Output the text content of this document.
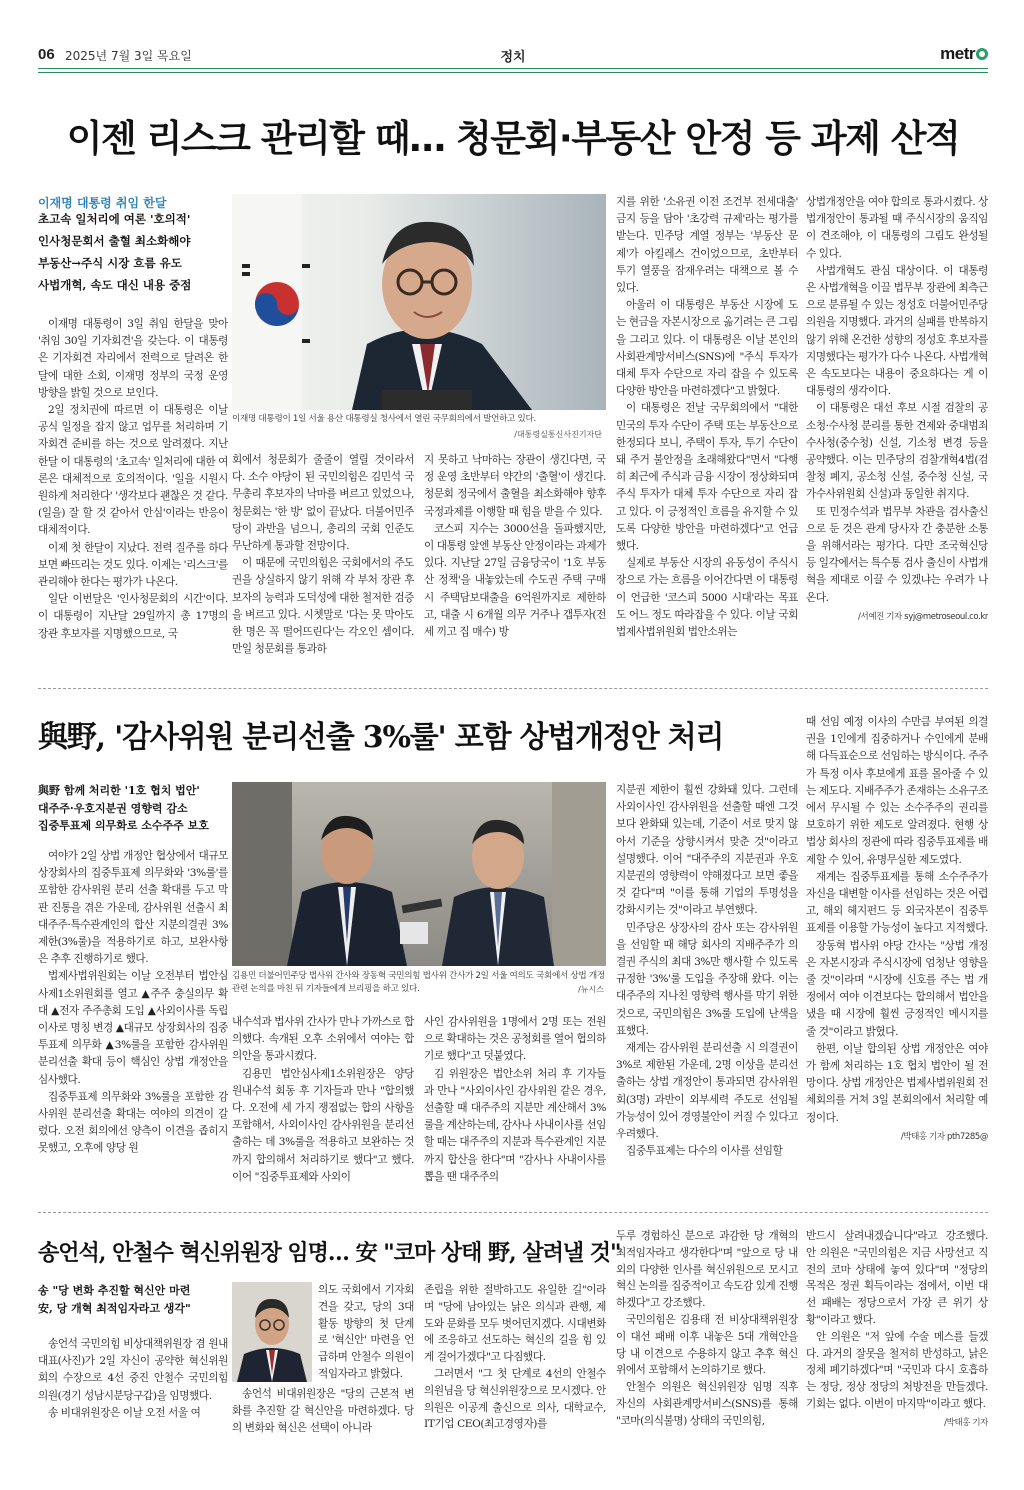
06 2025년 7월 3일 목요일	정치	metr
이젠 리스크 관리할 때… 청문회·부동산 안정 등 과제 산적
이재명 대통령 취임 한달
초고속 일처리에 여론 '호의적'
인사청문회서 출혈 최소화해야
부동산→주식 시장 흐름 유도
사법개혁, 속도 대신 내용 중점

이재명 대통령이 3일 취임 한달을 맞아 '취임 30일 기자회견'을 갖는다. 이 대통령은 기자회견 자리에서 전력으로 달려온 한 달에 대한 소회, 이재명 정부의 국정 운영 방향을 밝힐 것으로 보인다.

2일 정치권에 따르면 이 대통령은 이날 공식 일정을 잡지 않고 업무를 처리하며 기자회견 준비를 하는 것으로 알려졌다. 지난 한달 이 대통령의 '초고속' 일처리에 대한 여론은 대체적으로 호의적이다. '일을 시원시원하게 처리한다' '생각보다 괜찮은 것 같다. (일을) 잘 할 것 같아서 안심'이라는 반응이 대체적이다.

이제 첫 한달이 지났다. 전력 질주를 하다보면 빠뜨리는 것도 있다. 이제는 '리스크'를 관리해야 한다는 평가가 나온다.

일단 이번달은 '인사청문회의 시간'이다. 이 대통령이 지난달 29일까지 총 17명의 장관 후보자를 지명했으므로, 국

이재명 대통령이 1일 서울 용산 대통령실 청사에서 열린 국무회의에서 발언하고 있다.
/대통령실통신사진기자단

회에서 청문회가 줄줄이 열릴 것이라서 다. 소수 야당이 된 국민의힘은 김민석 국무총리 후보자의 낙마를 벼르고 있었으나, 청문회는 '한 방' 없이 끝났다. 더불어민주당이 과반을 넘으니, 총리의 국회 인준도 무난하게 통과할 전망이다.

이 때문에 국민의힘은 국회에서의 주도권을 상실하지 않기 위해 각 부처 장관 후보자의 능력과 도덕성에 대한 철저한 검증을 벼르고 있다. 시쳇말로 '다는 못 막아도 한 명은 꼭 떨어뜨린다'는 각오인 셈이다. 만일 청문회를 통과하

지 못하고 낙마하는 장관이 생긴다면, 국정 운영 초반부터 약간의 '출혈'이 생긴다. 청문회 정국에서 출혈을 최소화해야 향후 국정과제를 이행할 때 힘을 받을 수 있다.

코스피 지수는 3000선을 돌파했지만, 이 대통령 앞엔 부동산 안정이라는 과제가 있다. 지난달 27일 금융당국이 '1호 부동산 정책'을 내놓았는데 수도권 주택 구매 시 주택담보대출을 6억원까지로 제한하고, 대출 시 6개월 의무 거주나 갭투자(전세 끼고 집 매수) 방

지를 위한 '소유권 이전 조건부 전세대출' 금지 등을 담아 '초강력 규제'라는 평가를 받는다. 민주당 계열 정부는 '부동산 문제'가 아킬레스 건이었으므로, 초반부터 투기 열풍을 잠재우려는 대책으로 볼 수 있다.

아울러 이 대통령은 부동산 시장에 도는 현금을 자본시장으로 옮기려는 큰 그림을 그리고 있다. 이 대통령은 이날 본인의 사회관계망서비스(SNS)에 "주식 투자가 대체 투자 수단으로 자리 잡을 수 있도록 다양한 방안을 마련하겠다"고 밝혔다.

이 대통령은 전날 국무회의에서 "대한민국의 투자 수단이 주택 또는 부동산으로 한정되다 보니, 주택이 투자, 투기 수단이 돼 주거 불안정을 초래해왔다"면서 "다행히 최근에 주식과 금융 시장이 정상화되며 주식 투자가 대체 투자 수단으로 자리 잡고 있다. 이 긍정적인 흐름을 유지할 수 있도록 다양한 방안을 마련하겠다"고 언급했다.

실제로 부동산 시장의 유동성이 주식시장으로 가는 흐름을 이어간다면 이 대통령이 언급한 '코스피 5000 시대'라는 목표도 어느 정도 따라잡을 수 있다. 이날 국회 법제사법위원회 법안소위는

상법개정안을 여야 합의로 통과시켰다. 상법개정안이 통과될 때 주식시장의 움직임이 견조해야, 이 대통령의 그림도 완성될 수 있다.

사법개혁도 관심 대상이다. 이 대통령은 사법개혁을 이끌 법무부 장관에 최측근으로 분류될 수 있는 정성호 더불어민주당 의원을 지명했다. 과거의 실패를 반복하지 않기 위해 온건한 성향의 정성호 후보자를 지명했다는 평가가 다수 나온다. 사법개혁은 속도보다는 내용이 중요하다는 게 이 대통령의 생각이다.

이 대통령은 대선 후보 시절 검찰의 공소청·수사청 분리를 통한 견제와 중대범죄수사청(중수청) 신설, 기소청 변경 등을 공약했다. 이는 민주당의 검찰개혁4법(검찰청 폐지, 공소청 신설, 중수청 신설, 국가수사위원회 신설)과 동일한 취지다.

또 민정수석과 법무부 차관을 검사출신으로 둔 것은 관계 당사자 간 충분한 소통을 위해서라는 평가다. 다만 조국혁신당 등 일각에서는 특수통 검사 출신이 사법개혁을 제대로 이끌 수 있겠냐는 우려가 나온다.

/서예진 기자 syj@metroseoul.co.kr
與野, '감사위원 분리선출 3%룰' 포함 상법개정안 처리
與野 함께 처리한 '1호 협치 법안'
대주주·우호지분권 영향력 감소
집중투표제 의무화로 소수주주 보호

여야가 2일 상법 개정안 협상에서 대규모 상장회사의 집중투표제 의무화와 '3%룰'를 포함한 감사위원 분리 선출 확대를 두고 막판 진통을 겪은 가운데, 감사위원 선출시 최대주주·특수관계인의 합산 지분의결권 3%제한(3%룰)을 적용하기로 하고, 보완사항은 추후 진행하기로 했다.

법제사법위원회는 이날 오전부터 법안심사제1소위원회를 열고 ▲주주 충실의무 확대 ▲전자 주주총회 도입 ▲사외이사를 독립이사로 명칭 변경 ▲대규모 상장회사의 집중투표제 의무화 ▲3%룰을 포함한 감사위원 분리선출 확대 등이 핵심인 상법 개정안을 심사했다.

집중투표제 의무화와 3%룰을 포함한 감사위원 분리선출 확대는 여야의 의견이 갈렸다. 오전 회의에선 양측이 이견을 좁히지 못했고, 오후에 양당 원

김용민 더불어민주당 법사위 간사와 장동혁 국민의힘 법사위 간사가 2일 서울 여의도 국회에서 상법 개정 관련 논의를 마친 뒤 기자들에게 브리핑을 하고 있다.	/뉴시스

내수석과 법사위 간사가 만나 가까스로 합의했다. 속개된 오후 소위에서 여야는 합의안을 통과시켰다.

김용민 법안심사제1소위원장은 양당 원내수석 회동 후 기자들과 만나 "합의했다. 오전에 세 가지 쟁점없는 합의 사항을 포함해서, 사외이사인 감사위원을 분리선출하는 데 3%룰을 적용하고 보완하는 것까지 합의해서 처리하기로 했다"고 했다. 이어 "집중투표제와 사외이

사인 감사위원을 1명에서 2명 또는 전원으로 확대하는 것은 공청회를 열어 협의하기로 했다"고 덧붙였다.

김 위원장은 법안소위 처리 후 기자들과 만나 "사외이사인 감사위원 같은 경우, 선출할 때 대주주의 지분만 계산해서 3%룰을 계산하는데, 감사나 사내이사를 선임할 때는 대주주의 지분과 특수관계인 지분까지 합산을 한다"며 "감사나 사내이사를 뽑을 땐 대주주의

지분권 제한이 훨씬 강화돼 있다. 그런데 사외이사인 감사위원을 선출할 때엔 그것보다 완화돼 있는데, 기준이 서로 맞지 않아서 기준을 상향시켜서 맞춘 것"이라고 설명했다. 이어 "대주주의 지분권과 우호 지분권의 영향력이 약해졌다고 보면 좋을 것 같다"며 "이를 통해 기업의 투명성을 강화시키는 것"이라고 부연했다.

민주당은 상장사의 감사 또는 감사위원을 선임할 때 해당 회사의 지배주주가 의결권 주식의 최대 3%만 행사할 수 있도록 규정한 '3%'룰 도입을 주장해 왔다. 이는 대주주의 지나친 영향력 행사를 막기 위한 것으로, 국민의힘은 3%룰 도입에 난색을 표했다.

재계는 감사위원 분리선출 시 의결권이 3%로 제한된 가운데, 2명 이상을 분리선출하는 상법 개정안이 통과되면 감사위원회(3명) 과반이 외부세력 주도로 선임될 가능성이 있어 경영불안이 커질 수 있다고 우려했다.

집중투표제는 다수의 이사를 선임할

때 선임 예정 이사의 수만큼 부여된 의결권을 1인에게 집중하거나 수인에게 분배해 다득표순으로 선임하는 방식이다. 주주가 특정 이사 후보에게 표를 몰아줄 수 있는 제도다. 지배주주가 존재하는 소유구조에서 무시될 수 있는 소수주주의 권리를 보호하기 위한 제도로 알려졌다. 현행 상법상 회사의 정관에 따라 집중투표제를 배제할 수 있어, 유명무실한 제도였다.

재계는 집중투표제를 통해 소수주주가 자신을 대변할 이사를 선임하는 것은 어렵고, 해외 헤지펀드 등 외국자본이 집중투표제를 이용할 가능성이 높다고 지적했다.

장동혁 법사위 야당 간사는 "상법 개정은 자본시장과 주식시장에 엄청난 영향을 줄 것"이라며 "시장에 신호를 주는 법 개정에서 여야 이견보다는 합의해서 법안을 냈을 때 시장에 훨씬 긍정적인 메시지를 줄 것"이라고 밝혔다.

한편, 이날 합의된 상법 개정안은 여야가 함께 처리하는 1호 협치 법안이 될 전망이다. 상법 개정안은 법제사법위원회 전체회의를 거쳐 3일 본회의에서 처리할 예정이다.

/박태홍 기자 pth7285@
송언석, 안철수 혁신위원장 임명… 安 "코마 상태 野, 살려낼 것"
송 "당 변화 추진할 혁신안 마련
安, 당 개혁 최적임자라고 생각"

송언석 국민의힘 비상대책위원장 겸 원내대표(사진)가 2일 자신이 공약한 혁신위원회의 수장으로 4선 중진 안철수 국민의힘 의원(경기 성남시분당구갑)을 임명했다.

송 비대위원장은 이날 오전 서울 여

의도 국회에서 기자회견을 갖고, 당의 3대 활동 방향의 첫 단계로 '혁신안' 마련을 언급하며 안철수 의원이 적임자라고 밝혔다.

송언석 비대위원장은 "당의 근본적 변화를 추진할 갈 혁신안을 마련하겠다. 당의 변화와 혁신은 선택이 아니라

존립을 위한 절박하고도 유일한 길"이라며 "당에 남아있는 낡은 의식과 관행, 제도와 문화를 모두 벗어던지겠다. 시대변화에 조응하고 선도하는 혁신의 길을 힘 있게 걸어가겠다"고 다짐했다.

그러면서 "그 첫 단계로 4선의 안철수 의원님을 당 혁신위원장으로 모시겠다. 안 의원은 이공계 출신으로 의사, 대학교수, IT기업 CEO(최고경영자)를

두루 경험하신 분으로 과감한 당 개혁의 최적임자라고 생각한다"며 "앞으로 당 내외의 다양한 인사를 혁신위원으로 모시고 혁신 논의를 집중적이고 속도감 있게 진행하겠다"고 강조했다.

국민의힘은 김용태 전 비상대책위원장이 대선 패배 이후 내놓은 5대 개혁안을 당 내 이견으로 수용하지 않고 추후 혁신위에서 포함해서 논의하기로 했다.

안철수 의원은 혁신위원장 임명 직후 자신의 사회관계망서비스(SNS)를 통해 "코마(의식불명) 상태의 국민의힘,

반드시 살려내겠습니다"라고 강조했다. 안 의원은 "국민의힘은 지금 사망선고 직전의 코마 상태에 놓여 있다"며 "정당의 목적은 정권 획득이라는 점에서, 이번 대선 패배는 정당으로서 가장 큰 위기 상황"이라고 했다.

안 의원은 "저 앞에 수술 메스를 들겠다. 과거의 잘못을 철저히 반성하고, 낡은 정체 폐기하겠다"며 "국민과 다시 호흡하는 정당, 정상 정당의 처방전을 만들겠다. 기회는 없다. 이번이 마지막"이라고 했다.

/박태홍 기자
